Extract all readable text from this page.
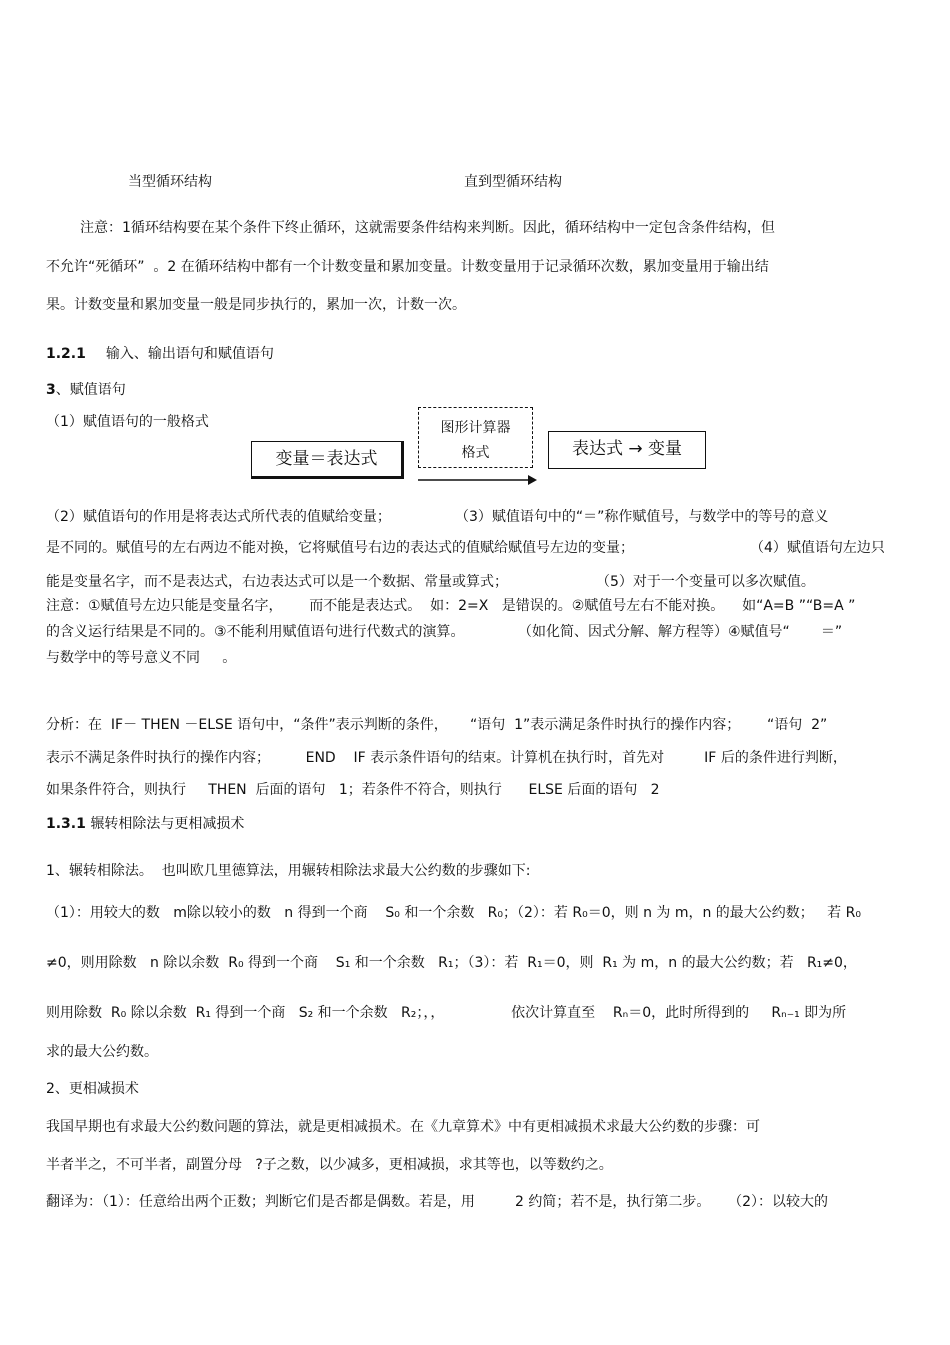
当型循环结构	直到型循环结构
注意：1循环结构要在某个条件下终止循环，这就需要条件结构来判断。因此，循环结构中一定包含条件结构，但
不允许“死循环”  。2 在循环结构中都有一个计数变量和累加变量。计数变量用于记录循环次数，累加变量用于输出结
果。计数变量和累加变量一般是同步执行的，累加一次，计数一次。
1.2.1 输入、输出语句和赋值语句
3、赋值语句
（1）赋值语句的一般格式
变量＝表达式
图形计算器
格式	表达式 → 变量
（2）赋值语句的作用是将表达式所代表的值赋给变量；	（3）赋值语句中的“＝”称作赋值号，与数学中的等号的意义
是不同的。赋值号的左右两边不能对换，它将赋值号右边的表达式的值赋给赋值号左边的变量；	（4）赋值语句左边只
能是变量名字，而不是表达式，右边表达式可以是一个数据、常量或算式；	（5）对于一个变量可以多次赋值。
注意：①赋值号左边只能是变量名字，      而不能是表达式。  如：2=X   是错误的。②赋值号左右不能对换。    如“A=B ”“B=A ”
的含义运行结果是不同的。③不能利用赋值语句进行代数式的演算。            （如化简、因式分解、解方程等）④赋值号“       ＝”
与数学中的等号意义不同     。
分析：在  IF－ THEN －ELSE 语句中，“条件”表示判断的条件，     “语句  1”表示满足条件时执行的操作内容；      “语句  2”
表示不满足条件时执行的操作内容；        END    IF 表示条件语句的结束。计算机在执行时，首先对         IF 后的条件进行判断，
如果条件符合，则执行     THEN  后面的语句   1；若条件不符合，则执行      ELSE 后面的语句   2
1.3.1 辗转相除法与更相减损术
1、辗转相除法。  也叫欧几里德算法，用辗转相除法求最大公约数的步骤如下:
（1）：用较大的数   m除以较小的数   n 得到一个商    S₀ 和一个余数   R₀；（2）：若 R₀＝0，则 n 为 m，n 的最大公约数；   若 R₀
≠0，则用除数   n 除以余数  R₀ 得到一个商    S₁ 和一个余数   R₁；（3）：若  R₁＝0，则  R₁ 为 m，n 的最大公约数；若   R₁≠0，
则用除数  R₀ 除以余数  R₁ 得到一个商   S₂ 和一个余数   R₂；，，               依次计算直至    Rₙ＝0，此时所得到的     Rₙ₋₁ 即为所
求的最大公约数。
2、更相减损术
我国早期也有求最大公约数问题的算法，就是更相减损术。在《九章算术》中有更相减损术求最大公约数的步骤：可
半者半之，不可半者，副置分母   ?子之数，以少减多，更相减损，求其等也，以等数约之。
翻译为：（1）：任意给出两个正数；判断它们是否都是偶数。若是，用         2 约简；若不是，执行第二步。    （2）：以较大的
